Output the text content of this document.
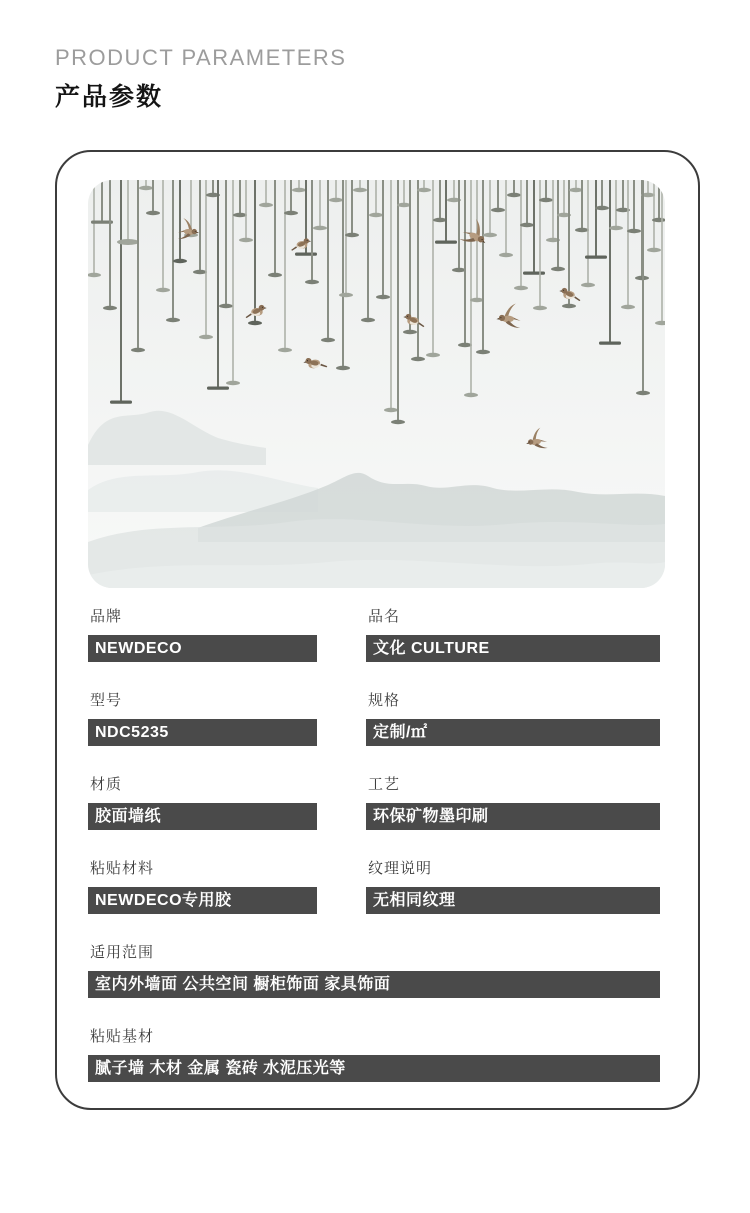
PRODUCT PARAMETERS
产品参数
品牌
NEWDECO
品名
文化 CULTURE
型号
NDC5235
规格
定制/㎡
材质
胶面墙纸
工艺
环保矿物墨印刷
粘贴材料
NEWDECO专用胶
纹理说明
无相同纹理
适用范围
室内外墙面 公共空间 橱柜饰面 家具饰面
粘贴基材
腻子墙 木材 金属 瓷砖 水泥压光等
